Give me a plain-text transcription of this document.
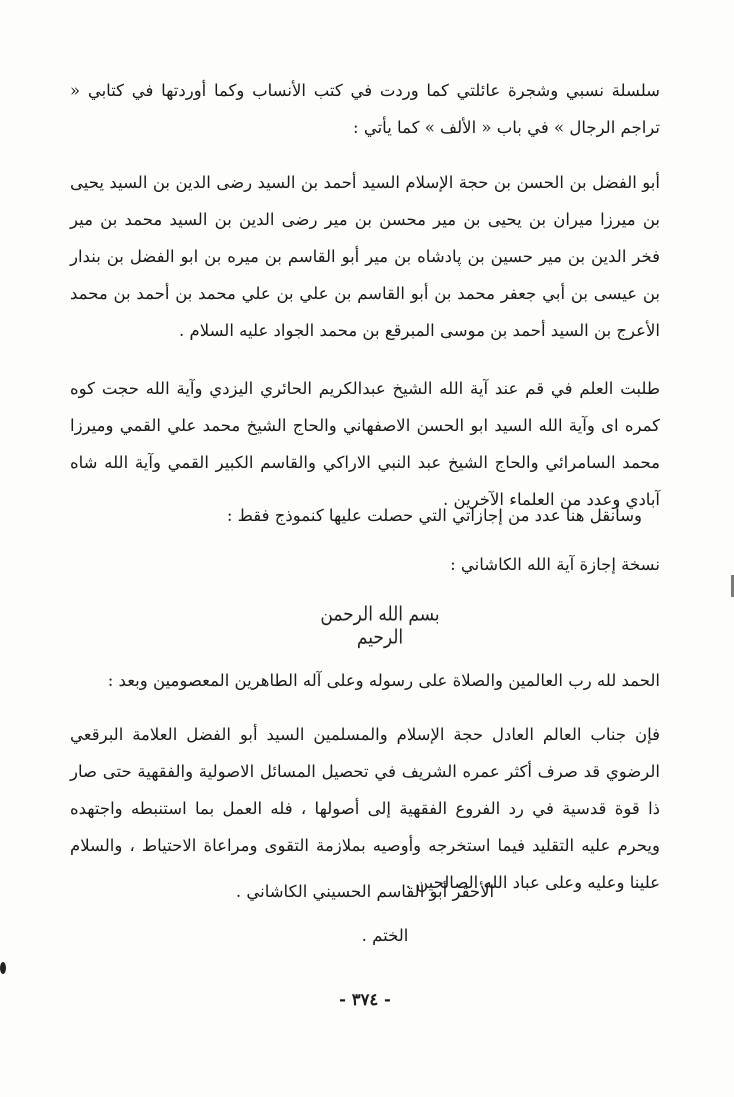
سلسلة نسبي وشجرة عائلتي كما وردت في كتب الأنساب وكما أوردتها في كتابي « تراجم الرجال » في باب « الألف » كما يأتي :
أبو الفضل بن الحسن بن حجة الإسلام السيد أحمد بن السيد رضى الدين بن السيد يحيى بن ميرزا ميران بن يحيى بن مير محسن بن مير رضى الدين بن السيد محمد بن مير فخر الدين بن مير حسين بن پادشاه بن مير أبو القاسم بن ميره بن ابو الفضل بن بندار بن عيسى بن أبي جعفر محمد بن أبو القاسم بن علي بن علي محمد بن أحمد بن محمد الأعرج بن السيد أحمد بن موسى المبرقع بن محمد الجواد عليه السلام .
طلبت العلم في قم عند آية الله الشيخ عبدالكريم الحائري اليزدي وآية الله حجت كوه كمره اى وآية الله السيد ابو الحسن الاصفهاني والحاج الشيخ محمد علي القمي وميرزا محمد السامرائي والحاج الشيخ عبد النبي الاراكي والقاسم الكبير القمي وآية الله شاه آبادي وعدد من العلماء الآخرين .
وسأنقل هنا عدد من إجازاتي التي حصلت عليها كنموذج فقط :
نسخة إجازة آية الله الكاشاني :
بسم الله الرحمن الرحيم
الحمد لله رب العالمين والصلاة على رسوله وعلى آله الطاهرين المعصومين وبعد :
فإن جناب العالم العادل حجة الإسلام والمسلمين السيد أبو الفضل العلامة البرقعي الرضوي قد صرف أكثر عمره الشريف في تحصيل المسائل الاصولية والفقهية حتى صار ذا قوة قدسية في رد الفروع الفقهية إلى أصولها ، فله العمل بما استنبطه واجتهده ويحرم عليه التقليد فيما استخرجه وأوصيه بملازمة التقوى ومراعاة الاحتياط ، والسلام علينا وعليه وعلى عباد الله الصالحين .
الأحقر أبو القاسم الحسيني الكاشاني .
الختم .
- ٣٧٤ -
